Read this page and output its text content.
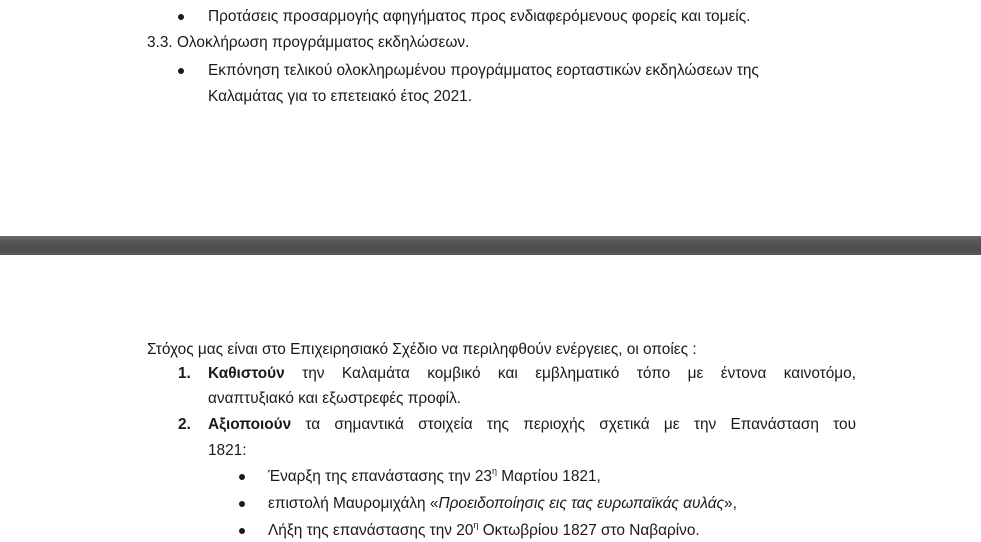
Προτάσεις προσαρμογής αφηγήματος προς ενδιαφερόμενους φορείς και τομείς.
3.3. Ολοκλήρωση προγράμματος εκδηλώσεων.
Εκπόνηση τελικού ολοκληρωμένου προγράμματος εορταστικών εκδηλώσεων της
Καλαμάτας για το επετειακό έτος 2021.
Στόχος μας είναι στο Επιχειρησιακό Σχέδιο να περιληφθούν ενέργειες, οι οποίες :
1. Καθιστούν την Καλαμάτα κομβικό και εμβληματικό τόπο με έντονα καινοτόμο,
αναπτυξιακό και εξωστρεφές προφίλ.
2. Αξιοποιούν τα σημαντικά στοιχεία της περιοχής σχετικά με την Επανάσταση του
1821:
Έναρξη της επανάστασης την $23^\eta$ Μαρτίου 1821,
επιστολή Μαυρομιχάλη «Προειδοποίησις εις τας ευρωπαϊκάς αυλάς»,
Λήξη της επανάστασης την $20^\eta$ Οκτωβρίου 1827 στο Ναβαρίνο.
